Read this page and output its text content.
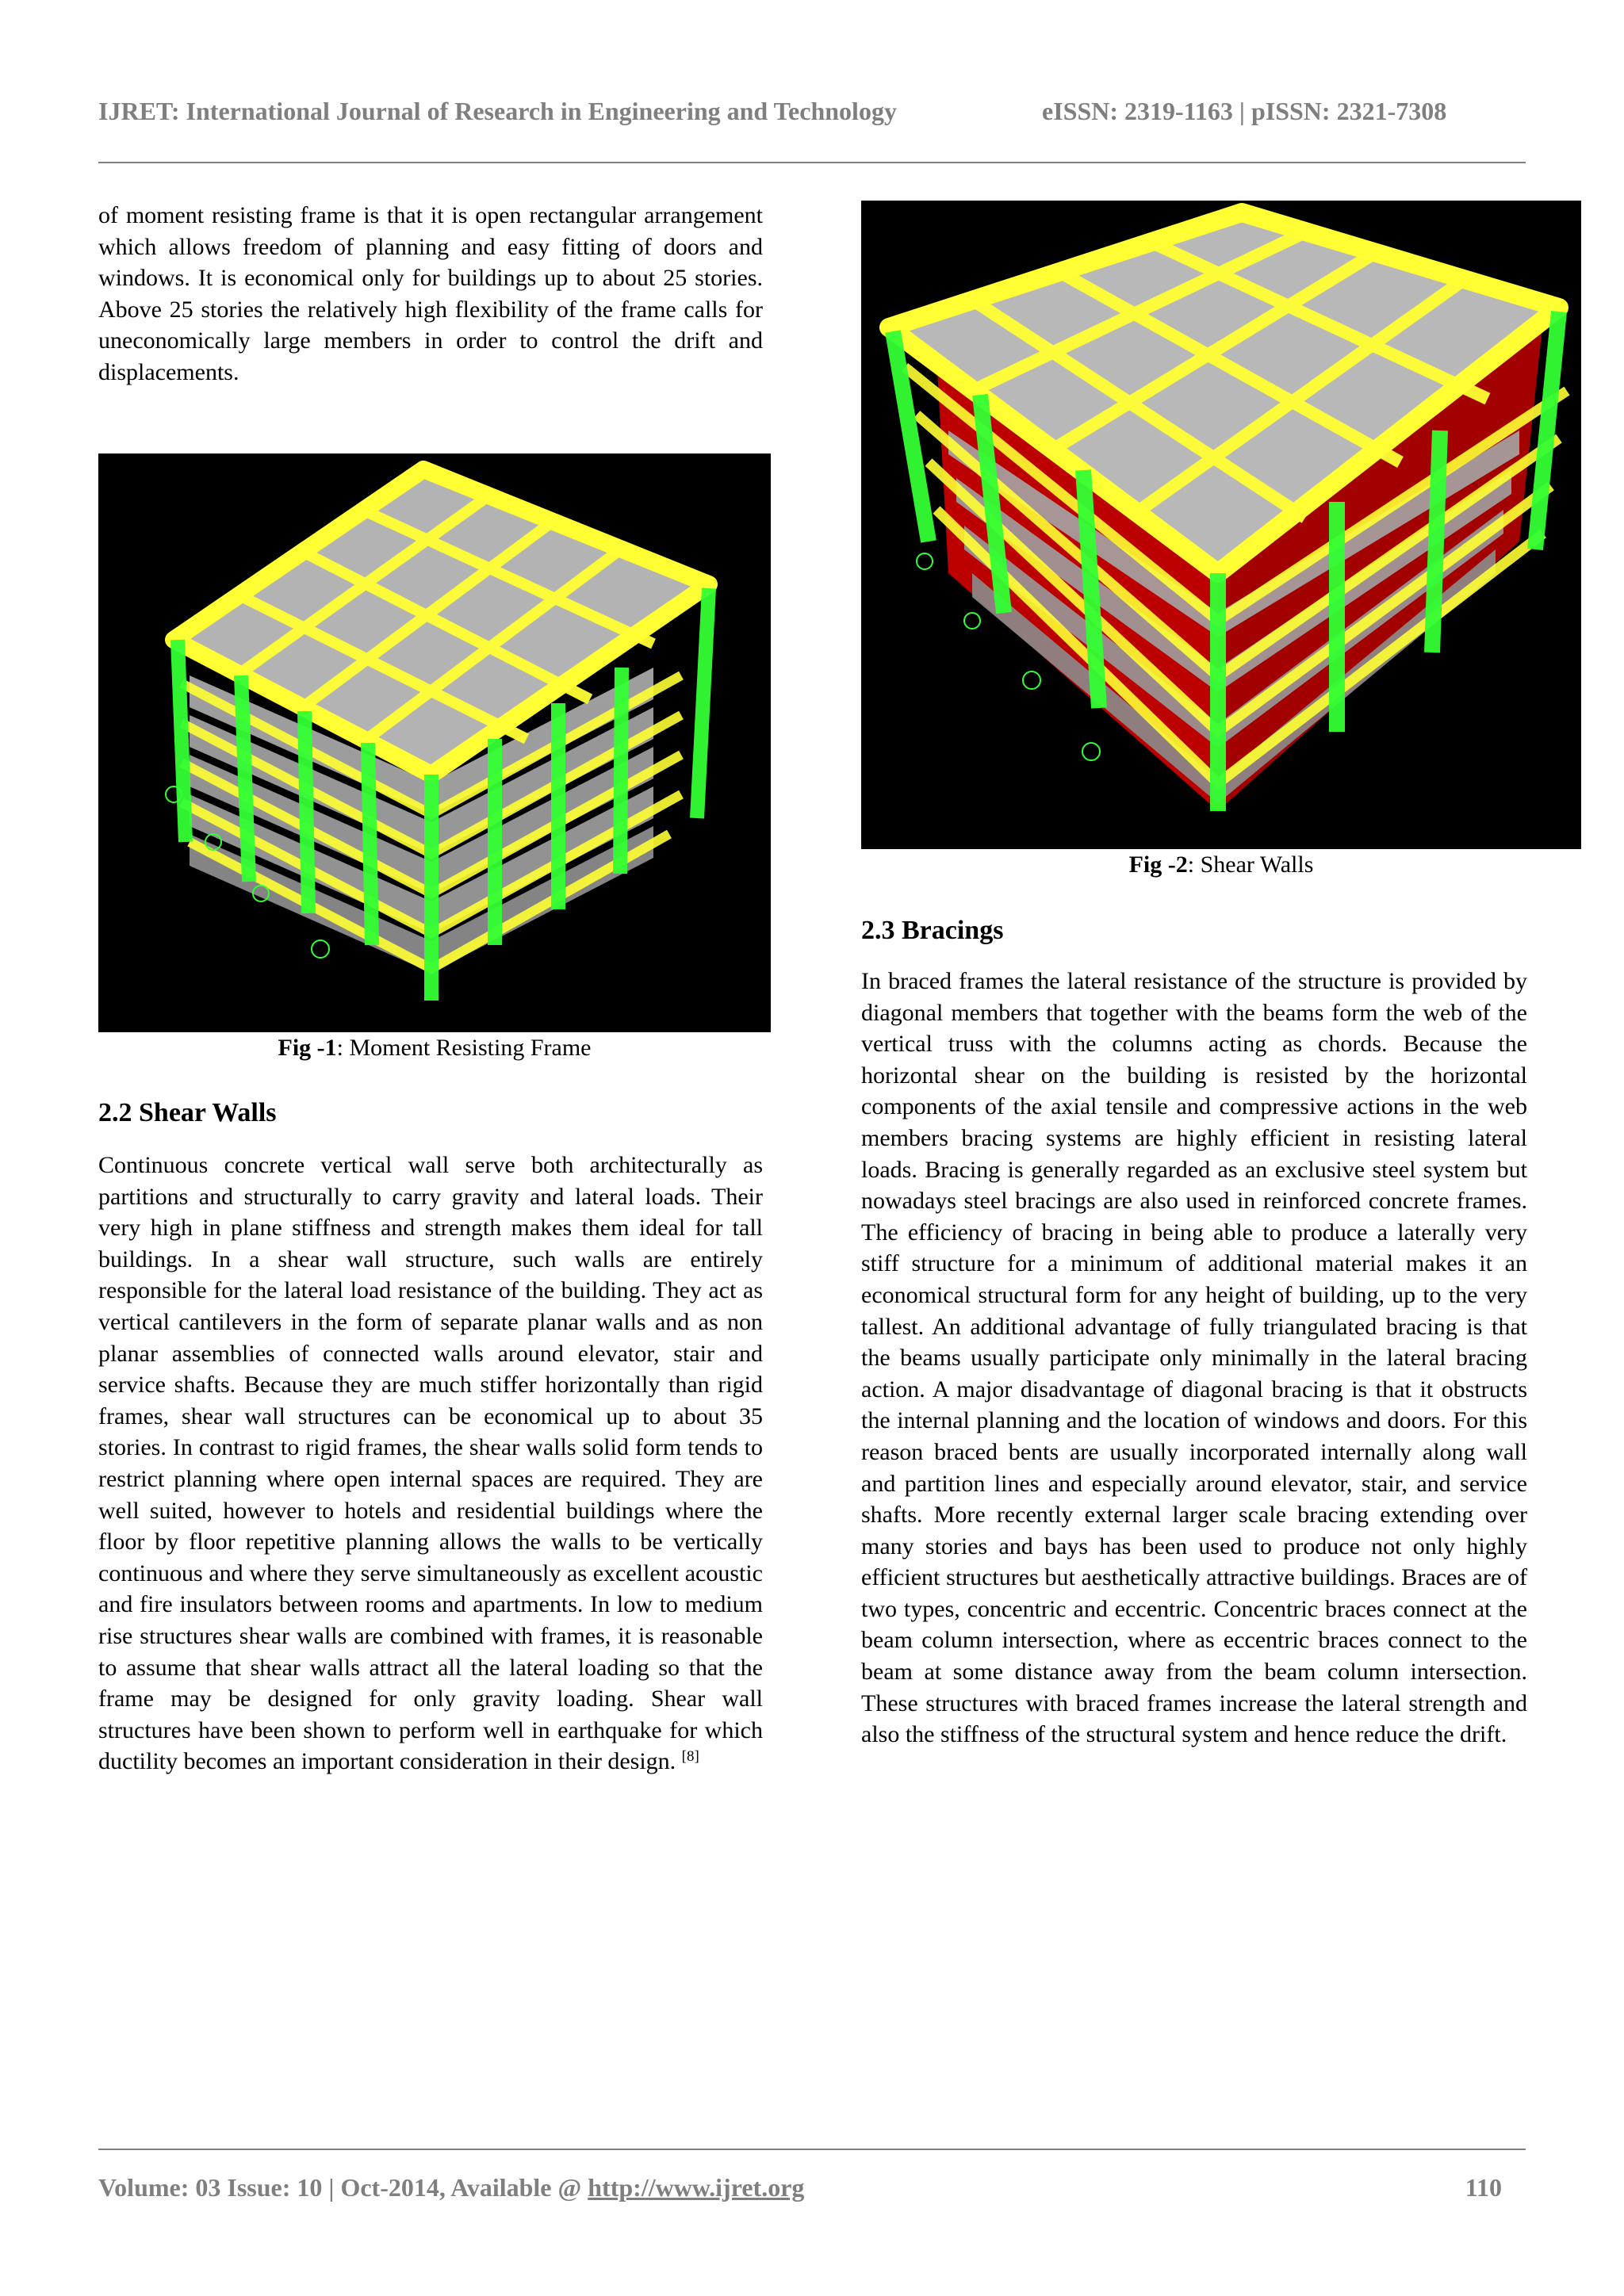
IJRET: International Journal of Research in Engineering and Technology	eISSN: 2319-1163 | pISSN: 2321-7308

of moment resisting frame is that it is open rectangular arrangement which allows freedom of planning and easy fitting of doors and windows. It is economical only for buildings up to about 25 stories. Above 25 stories the relatively high flexibility of the frame calls for uneconomically large members in order to control the drift and displacements.

Fig -1: Moment Resisting Frame
2.2 Shear Walls

Continuous concrete vertical wall serve both architecturally as partitions and structurally to carry gravity and lateral loads. Their very high in plane stiffness and strength makes them ideal for tall buildings. In a shear wall structure, such walls are entirely responsible for the lateral load resistance of the building. They act as vertical cantilevers in the form of separate planar walls and as non planar assemblies of connected walls around elevator, stair and service shafts. Because they are much stiffer horizontally than rigid frames, shear wall structures can be economical up to about 35 stories. In contrast to rigid frames, the shear walls solid form tends to restrict planning where open internal spaces are required. They are well suited, however to hotels and residential buildings where the floor by floor repetitive planning allows the walls to be vertically continuous and where they serve simultaneously as excellent acoustic and fire insulators between rooms and apartments. In low to medium rise structures shear walls are combined with frames, it is reasonable to assume that shear walls attract all the lateral loading so that the frame may be designed for only gravity loading. Shear wall structures have been shown to perform well in earthquake for which ductility becomes an important consideration in their design. [8]

Fig -2: Shear Walls
2.3 Bracings

In braced frames the lateral resistance of the structure is provided by diagonal members that together with the beams form the web of the vertical truss with the columns acting as chords. Because the horizontal shear on the building is resisted by the horizontal components of the axial tensile and compressive actions in the web members bracing systems are highly efficient in resisting lateral loads. Bracing is generally regarded as an exclusive steel system but nowadays steel bracings are also used in reinforced concrete frames. The efficiency of bracing in being able to produce a laterally very stiff structure for a minimum of additional material makes it an economical structural form for any height of building, up to the very tallest. An additional advantage of fully triangulated bracing is that the beams usually participate only minimally in the lateral bracing action. A major disadvantage of diagonal bracing is that it obstructs the internal planning and the location of windows and doors. For this reason braced bents are usually incorporated internally along wall and partition lines and especially around elevator, stair, and service shafts. More recently external larger scale bracing extending over many stories and bays has been used to produce not only highly efficient structures but aesthetically attractive buildings. Braces are of two types, concentric and eccentric. Concentric braces connect at the beam column intersection, where as eccentric braces connect to the beam at some distance away from the beam column intersection. These structures with braced frames increase the lateral strength and also the stiffness of the structural system and hence reduce the drift.

Volume: 03 Issue: 10 | Oct-2014, Available @ http://www.ijret.org	110
